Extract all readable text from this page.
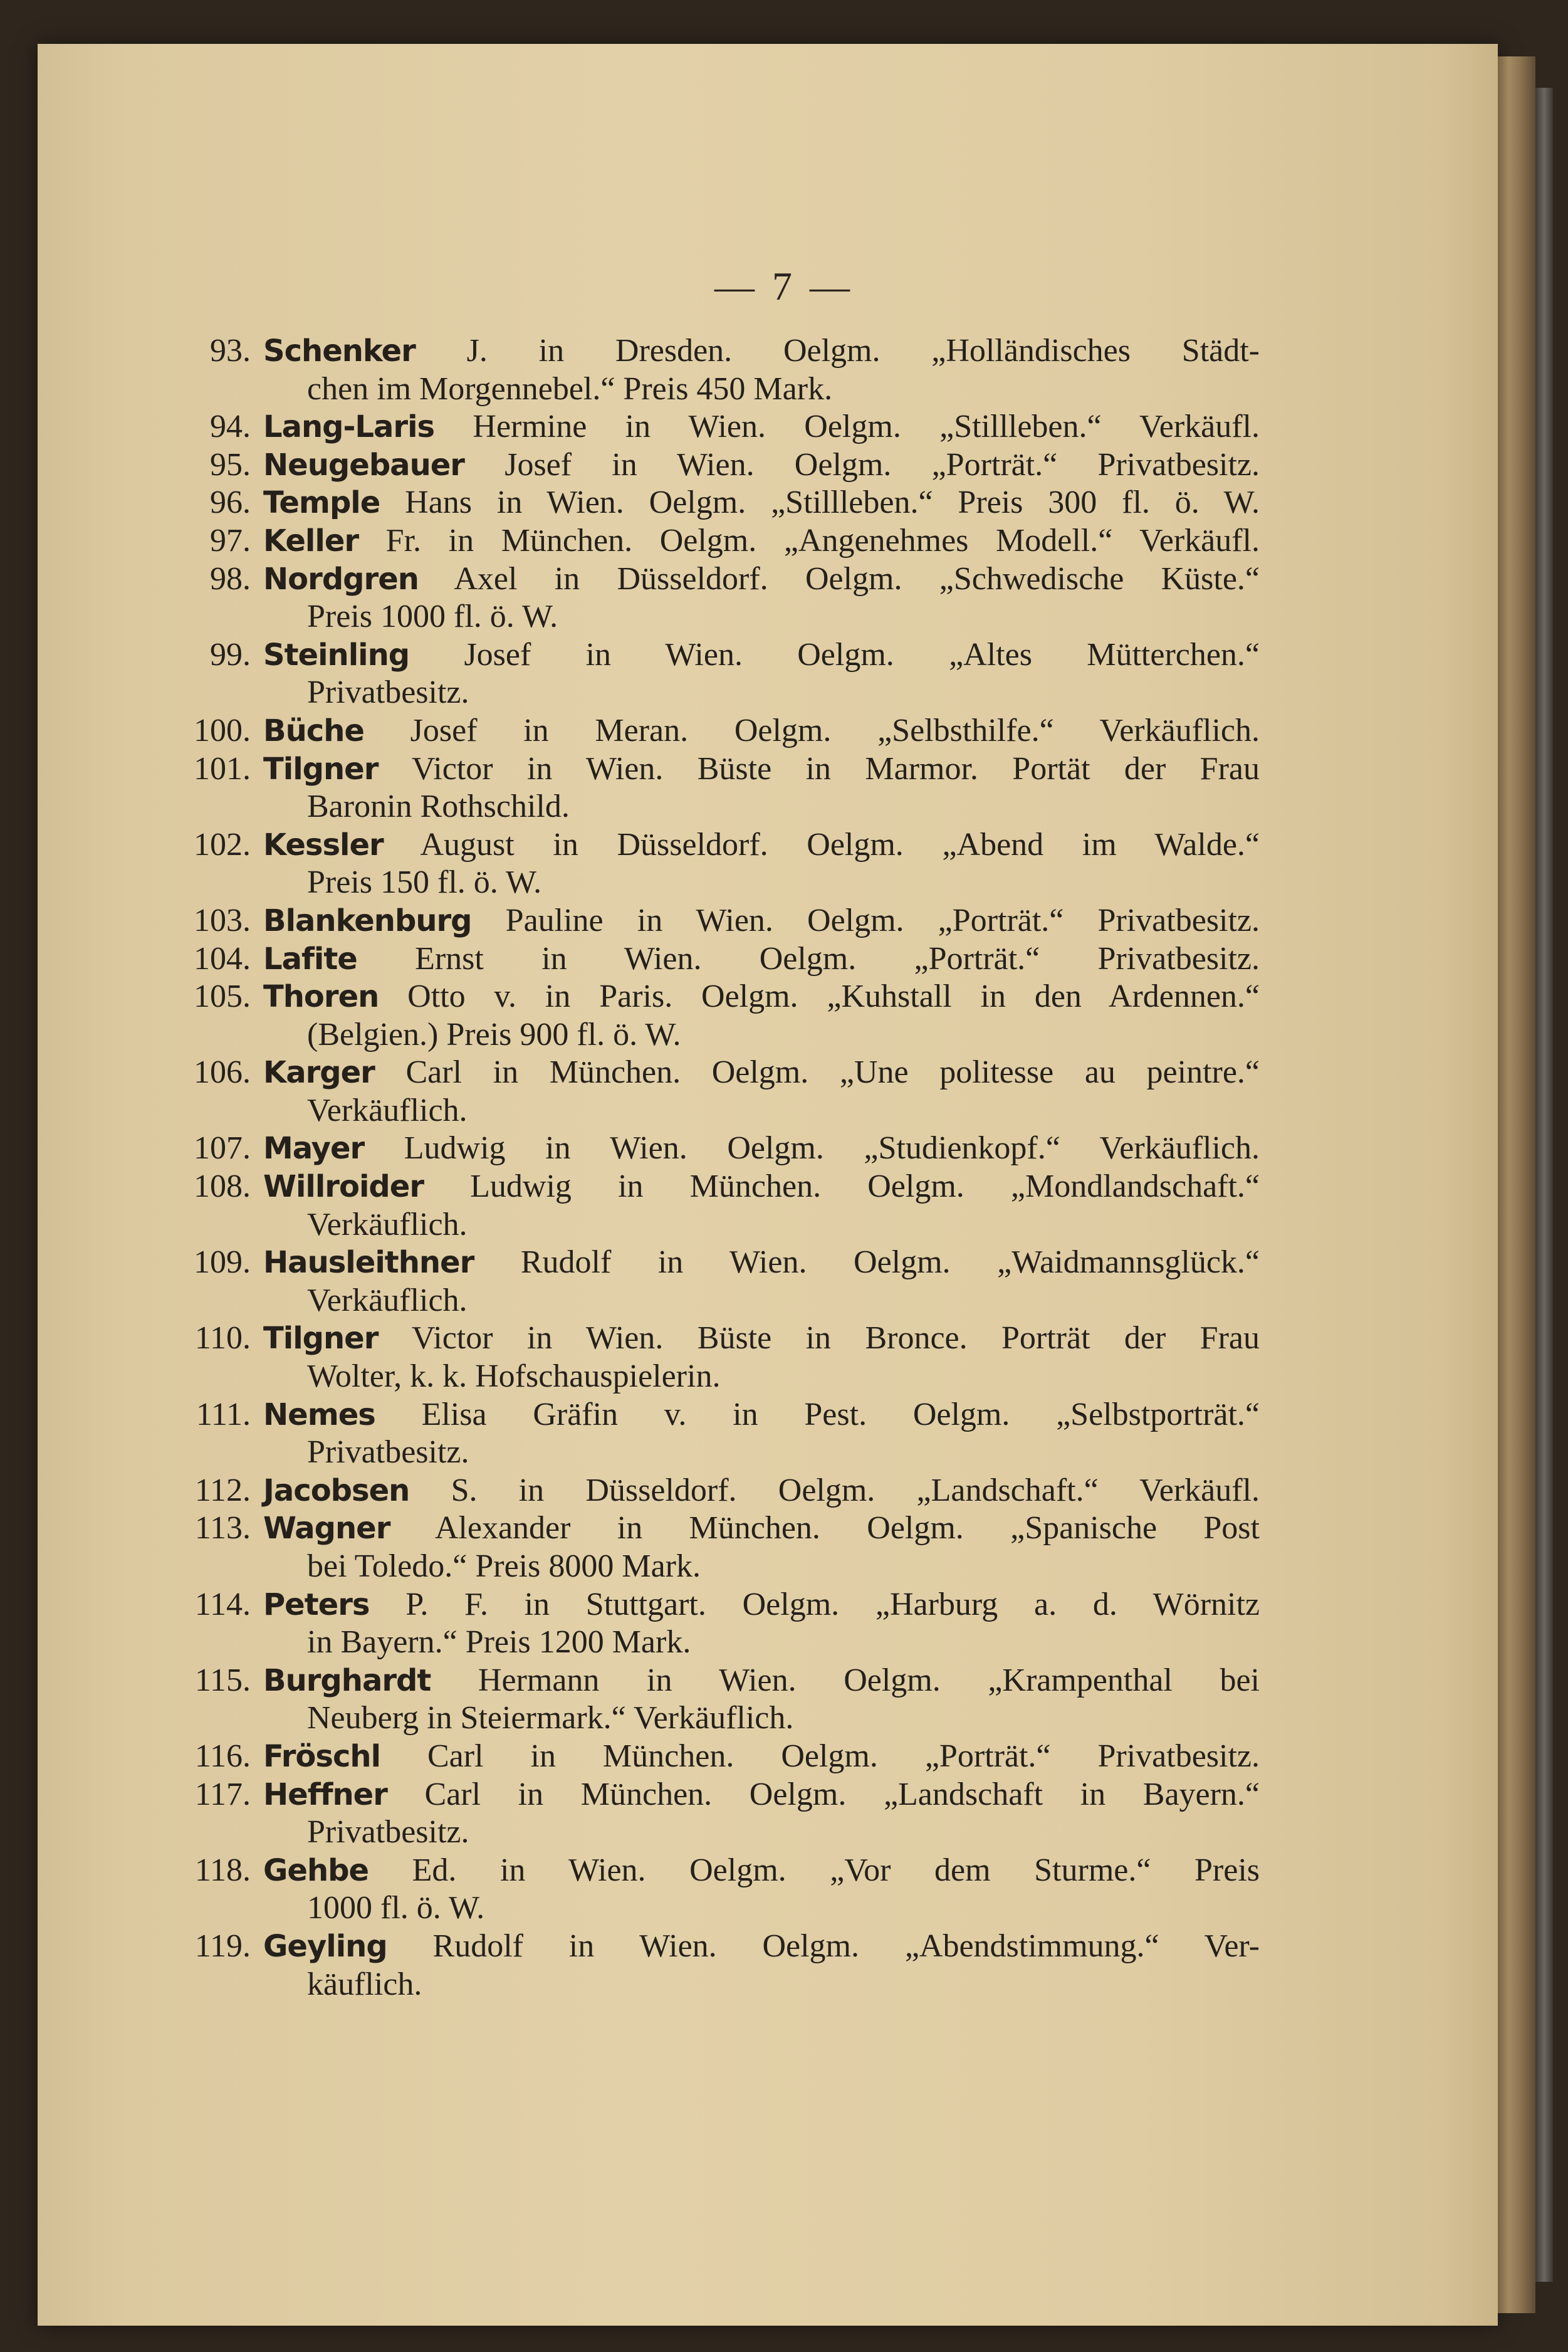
— 7 —
93. Schenker J. in Dresden. Oelgm. „Holländisches Städt-
chen im Morgennebel.“ Preis 450 Mark.
94. Lang-Laris Hermine in Wien. Oelgm. „Stillleben.“ Verkäufl.
95. Neugebauer Josef in Wien. Oelgm. „Porträt.“ Privatbesitz.
96. Temple Hans in Wien. Oelgm. „Stillleben.“ Preis 300 fl. ö. W.
97. Keller Fr. in München. Oelgm. „Angenehmes Modell.“ Verkäufl.
98. Nordgren Axel in Düsseldorf. Oelgm. „Schwedische Küste.“
Preis 1000 fl. ö. W.
99. Steinling Josef in Wien. Oelgm. „Altes Mütterchen.“
Privatbesitz.
100. Büche Josef in Meran. Oelgm. „Selbsthilfe.“ Verkäuflich.
101. Tilgner Victor in Wien. Büste in Marmor. Portät der Frau
Baronin Rothschild.
102. Kessler August in Düsseldorf. Oelgm. „Abend im Walde.“
Preis 150 fl. ö. W.
103. Blankenburg Pauline in Wien. Oelgm. „Porträt.“ Privatbesitz.
104. Lafite Ernst in Wien. Oelgm. „Porträt.“ Privatbesitz.
105. Thoren Otto v. in Paris. Oelgm. „Kuhstall in den Ardennen.“
(Belgien.) Preis 900 fl. ö. W.
106. Karger Carl in München. Oelgm. „Une politesse au peintre.“
Verkäuflich.
107. Mayer Ludwig in Wien. Oelgm. „Studienkopf.“ Verkäuflich.
108. Willroider Ludwig in München. Oelgm. „Mondlandschaft.“
Verkäuflich.
109. Hausleithner Rudolf in Wien. Oelgm. „Waidmannsglück.“
Verkäuflich.
110. Tilgner Victor in Wien. Büste in Bronce. Porträt der Frau
Wolter, k. k. Hofschauspielerin.
111. Nemes Elisa Gräfin v. in Pest. Oelgm. „Selbstporträt.“
Privatbesitz.
112. Jacobsen S. in Düsseldorf. Oelgm. „Landschaft.“ Verkäufl.
113. Wagner Alexander in München. Oelgm. „Spanische Post
bei Toledo.“ Preis 8000 Mark.
114. Peters P. F. in Stuttgart. Oelgm. „Harburg a. d. Wörnitz
in Bayern.“ Preis 1200 Mark.
115. Burghardt Hermann in Wien. Oelgm. „Krampenthal bei
Neuberg in Steiermark.“ Verkäuflich.
116. Fröschl Carl in München. Oelgm. „Porträt.“ Privatbesitz.
117. Heffner Carl in München. Oelgm. „Landschaft in Bayern.“
Privatbesitz.
118. Gehbe Ed. in Wien. Oelgm. „Vor dem Sturme.“ Preis
1000 fl. ö. W.
119. Geyling Rudolf in Wien. Oelgm. „Abendstimmung.“ Ver-
käuflich.
